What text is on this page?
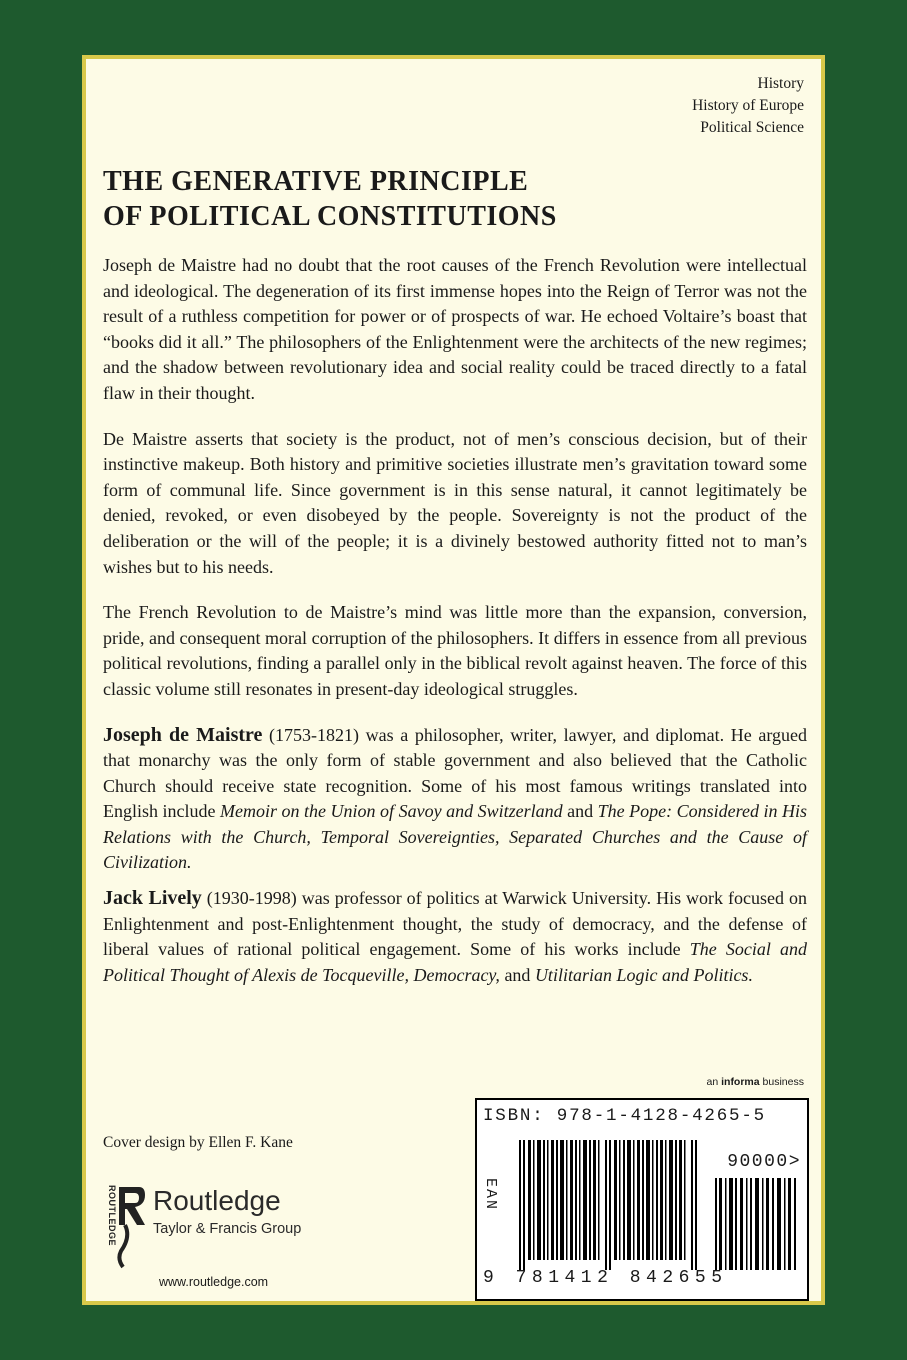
History
History of Europe
Political Science
THE GENERATIVE PRINCIPLE
OF POLITICAL CONSTITUTIONS

Joseph de Maistre had no doubt that the root causes of the French Revolution were intellectual and ideological. The degeneration of its first immense hopes into the Reign of Terror was not the result of a ruthless competition for power or of prospects of war. He echoed Voltaire’s boast that “books did it all.” The philosophers of the Enlightenment were the architects of the new regimes; and the shadow between revolutionary idea and social reality could be traced directly to a fatal flaw in their thought.

De Maistre asserts that society is the product, not of men’s conscious decision, but of their instinctive makeup. Both history and primitive societies illustrate men’s gravitation toward some form of communal life. Since government is in this sense natural, it cannot legitimately be denied, revoked, or even disobeyed by the people. Sovereignty is not the product of the deliberation or the will of the people; it is a divinely bestowed authority fitted not to man’s wishes but to his needs.

The French Revolution to de Maistre’s mind was little more than the expansion, conversion, pride, and consequent moral corruption of the philosophers. It differs in essence from all previous political revolutions, finding a parallel only in the biblical revolt against heaven. The force of this classic volume still resonates in present-day ideological struggles.

Joseph de Maistre (1753-1821) was a philosopher, writer, lawyer, and diplomat. He argued that monarchy was the only form of stable government and also believed that the Catholic Church should receive state recognition. Some of his most famous writings translated into English include Memoir on the Union of Savoy and Switzerland and The Pope: Considered in His Relations with the Church, Temporal Sovereignties, Separated Churches and the Cause of Civilization.

Jack Lively (1930-1998) was professor of politics at Warwick University. His work focused on Enlightenment and post-Enlightenment thought, the study of democracy, and the defense of liberal values of rational political engagement. Some of his works include The Social and Political Thought of Alexis de Tocqueville, Democracy, and Utilitarian Logic and Politics.

an informa business
Cover design by Ellen F. Kane
ROUTLEDGE Routledge
Taylor & Francis Group
www.routledge.com
ISBN: 978-1-4128-4265-5
90000>
EAN
9 781412 842655
